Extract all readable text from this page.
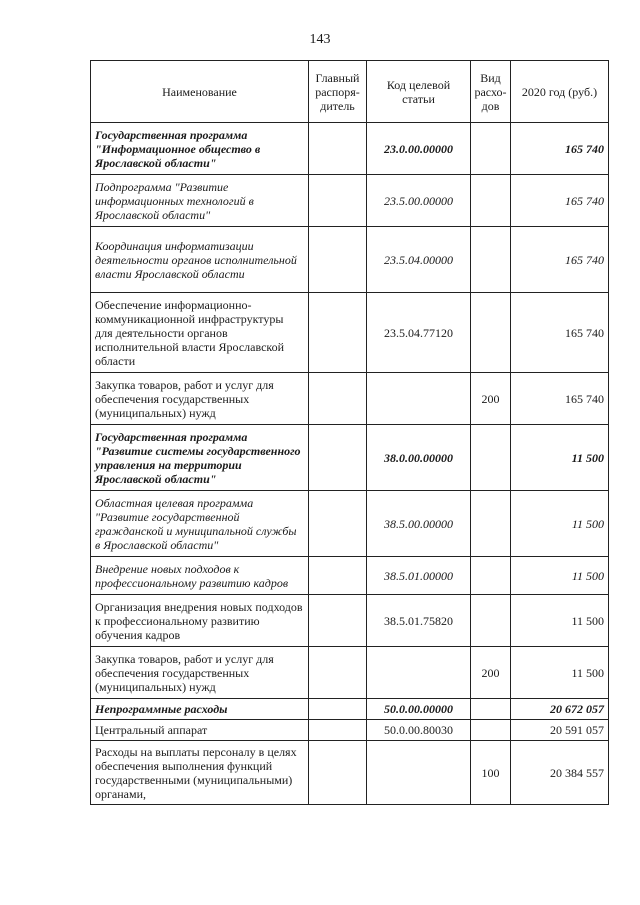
143
Наименование	Главный распоря-дитель	Код целевой статьи	Вид расхо-дов	2020 год (руб.)
Государственная программа "Информационное общество в Ярославской области"		23.0.00.00000		165 740
Подпрограмма "Развитие информационных технологий в Ярославской области"		23.5.00.00000		165 740
Координация информатизации деятельности органов исполнительной власти Ярославской области		23.5.04.00000		165 740
Обеспечение информационно-коммуникационной инфраструктуры для деятельности органов исполнительной власти Ярославской области		23.5.04.77120		165 740
Закупка товаров, работ и услуг для обеспечения государственных (муниципальных) нужд			200	165 740
Государственная программа "Развитие системы государственного управления на территории Ярославской области"		38.0.00.00000		11 500
Областная целевая программа "Развитие государственной гражданской и муниципальной службы в Ярославской области"		38.5.00.00000		11 500
Внедрение новых подходов к профессиональному развитию кадров		38.5.01.00000		11 500
Организация внедрения новых подходов к профессиональному развитию обучения кадров		38.5.01.75820		11 500
Закупка товаров, работ и услуг для обеспечения государственных (муниципальных) нужд			200	11 500
Непрограммные расходы		50.0.00.00000		20 672 057
Центральный аппарат		50.0.00.80030		20 591 057
Расходы на выплаты персоналу в целях обеспечения выполнения функций государственными (муниципальными) органами,			100	20 384 557
